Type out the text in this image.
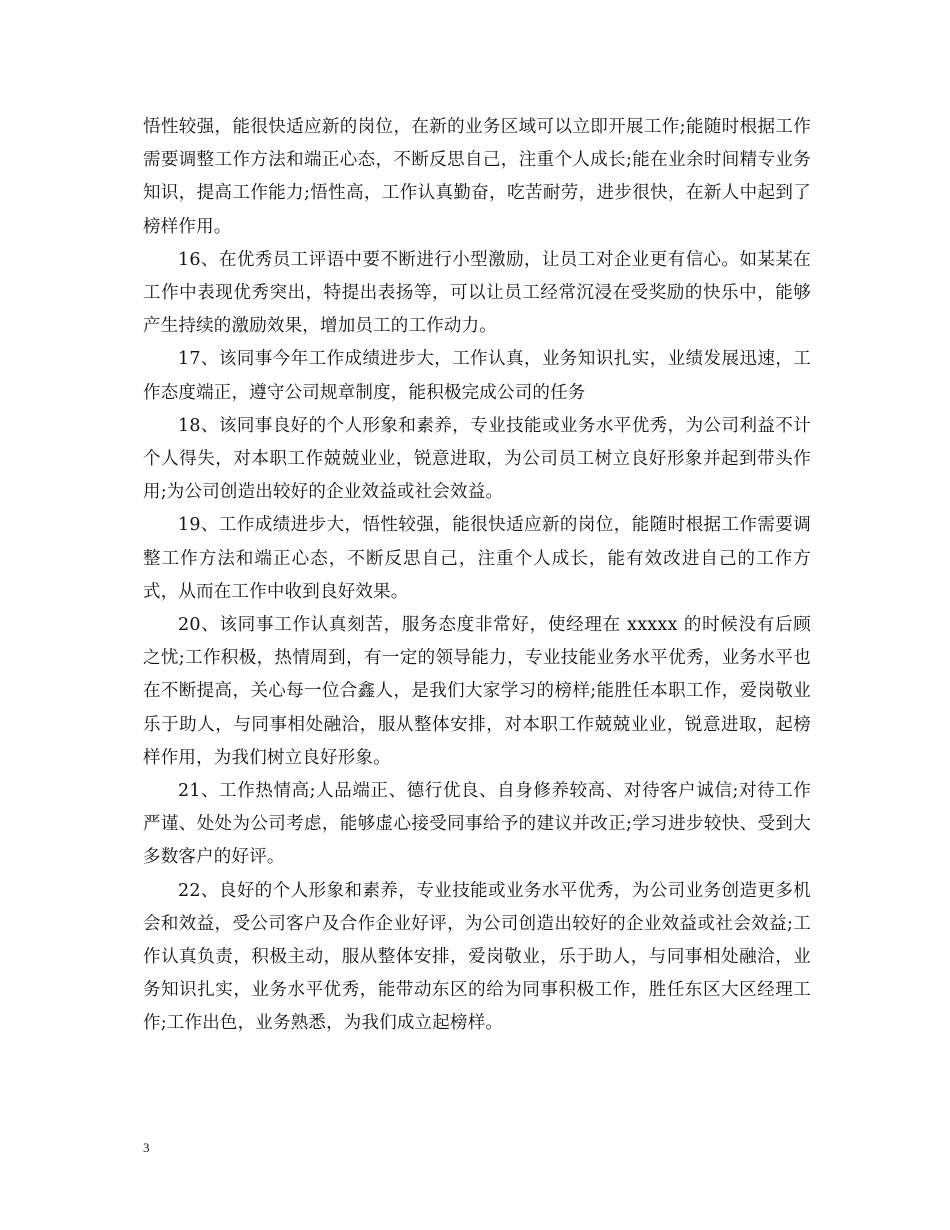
悟性较强，能很快适应新的岗位，在新的业务区域可以立即开展工作;能随时根据工作需要调整工作方法和端正心态，不断反思自己，注重个人成长;能在业余时间精专业务知识，提高工作能力;悟性高，工作认真勤奋，吃苦耐劳，进步很快，在新人中起到了榜样作用。

16、在优秀员工评语中要不断进行小型激励，让员工对企业更有信心。如某某在工作中表现优秀突出，特提出表扬等，可以让员工经常沉浸在受奖励的快乐中，能够产生持续的激励效果，增加员工的工作动力。

17、该同事今年工作成绩进步大，工作认真，业务知识扎实，业绩发展迅速，工作态度端正，遵守公司规章制度，能积极完成公司的任务

18、该同事良好的个人形象和素养，专业技能或业务水平优秀，为公司利益不计个人得失，对本职工作兢兢业业，锐意进取，为公司员工树立良好形象并起到带头作用;为公司创造出较好的企业效益或社会效益。

19、工作成绩进步大，悟性较强，能很快适应新的岗位，能随时根据工作需要调整工作方法和端正心态，不断反思自己，注重个人成长，能有效改进自己的工作方式，从而在工作中收到良好效果。

20、该同事工作认真刻苦，服务态度非常好，使经理在 xxxxx 的时候没有后顾之忧;工作积极，热情周到，有一定的领导能力，专业技能业务水平优秀，业务水平也在不断提高，关心每一位合鑫人，是我们大家学习的榜样;能胜任本职工作，爱岗敬业乐于助人，与同事相处融洽，服从整体安排，对本职工作兢兢业业，锐意进取，起榜样作用，为我们树立良好形象。

21、工作热情高;人品端正、德行优良、自身修养较高、对待客户诚信;对待工作严谨、处处为公司考虑，能够虚心接受同事给予的建议并改正;学习进步较快、受到大多数客户的好评。

22、良好的个人形象和素养，专业技能或业务水平优秀，为公司业务创造更多机会和效益，受公司客户及合作企业好评，为公司创造出较好的企业效益或社会效益;工作认真负责，积极主动，服从整体安排，爱岗敬业，乐于助人，与同事相处融洽，业务知识扎实，业务水平优秀，能带动东区的给为同事积极工作，胜任东区大区经理工作;工作出色，业务熟悉，为我们成立起榜样。

3
